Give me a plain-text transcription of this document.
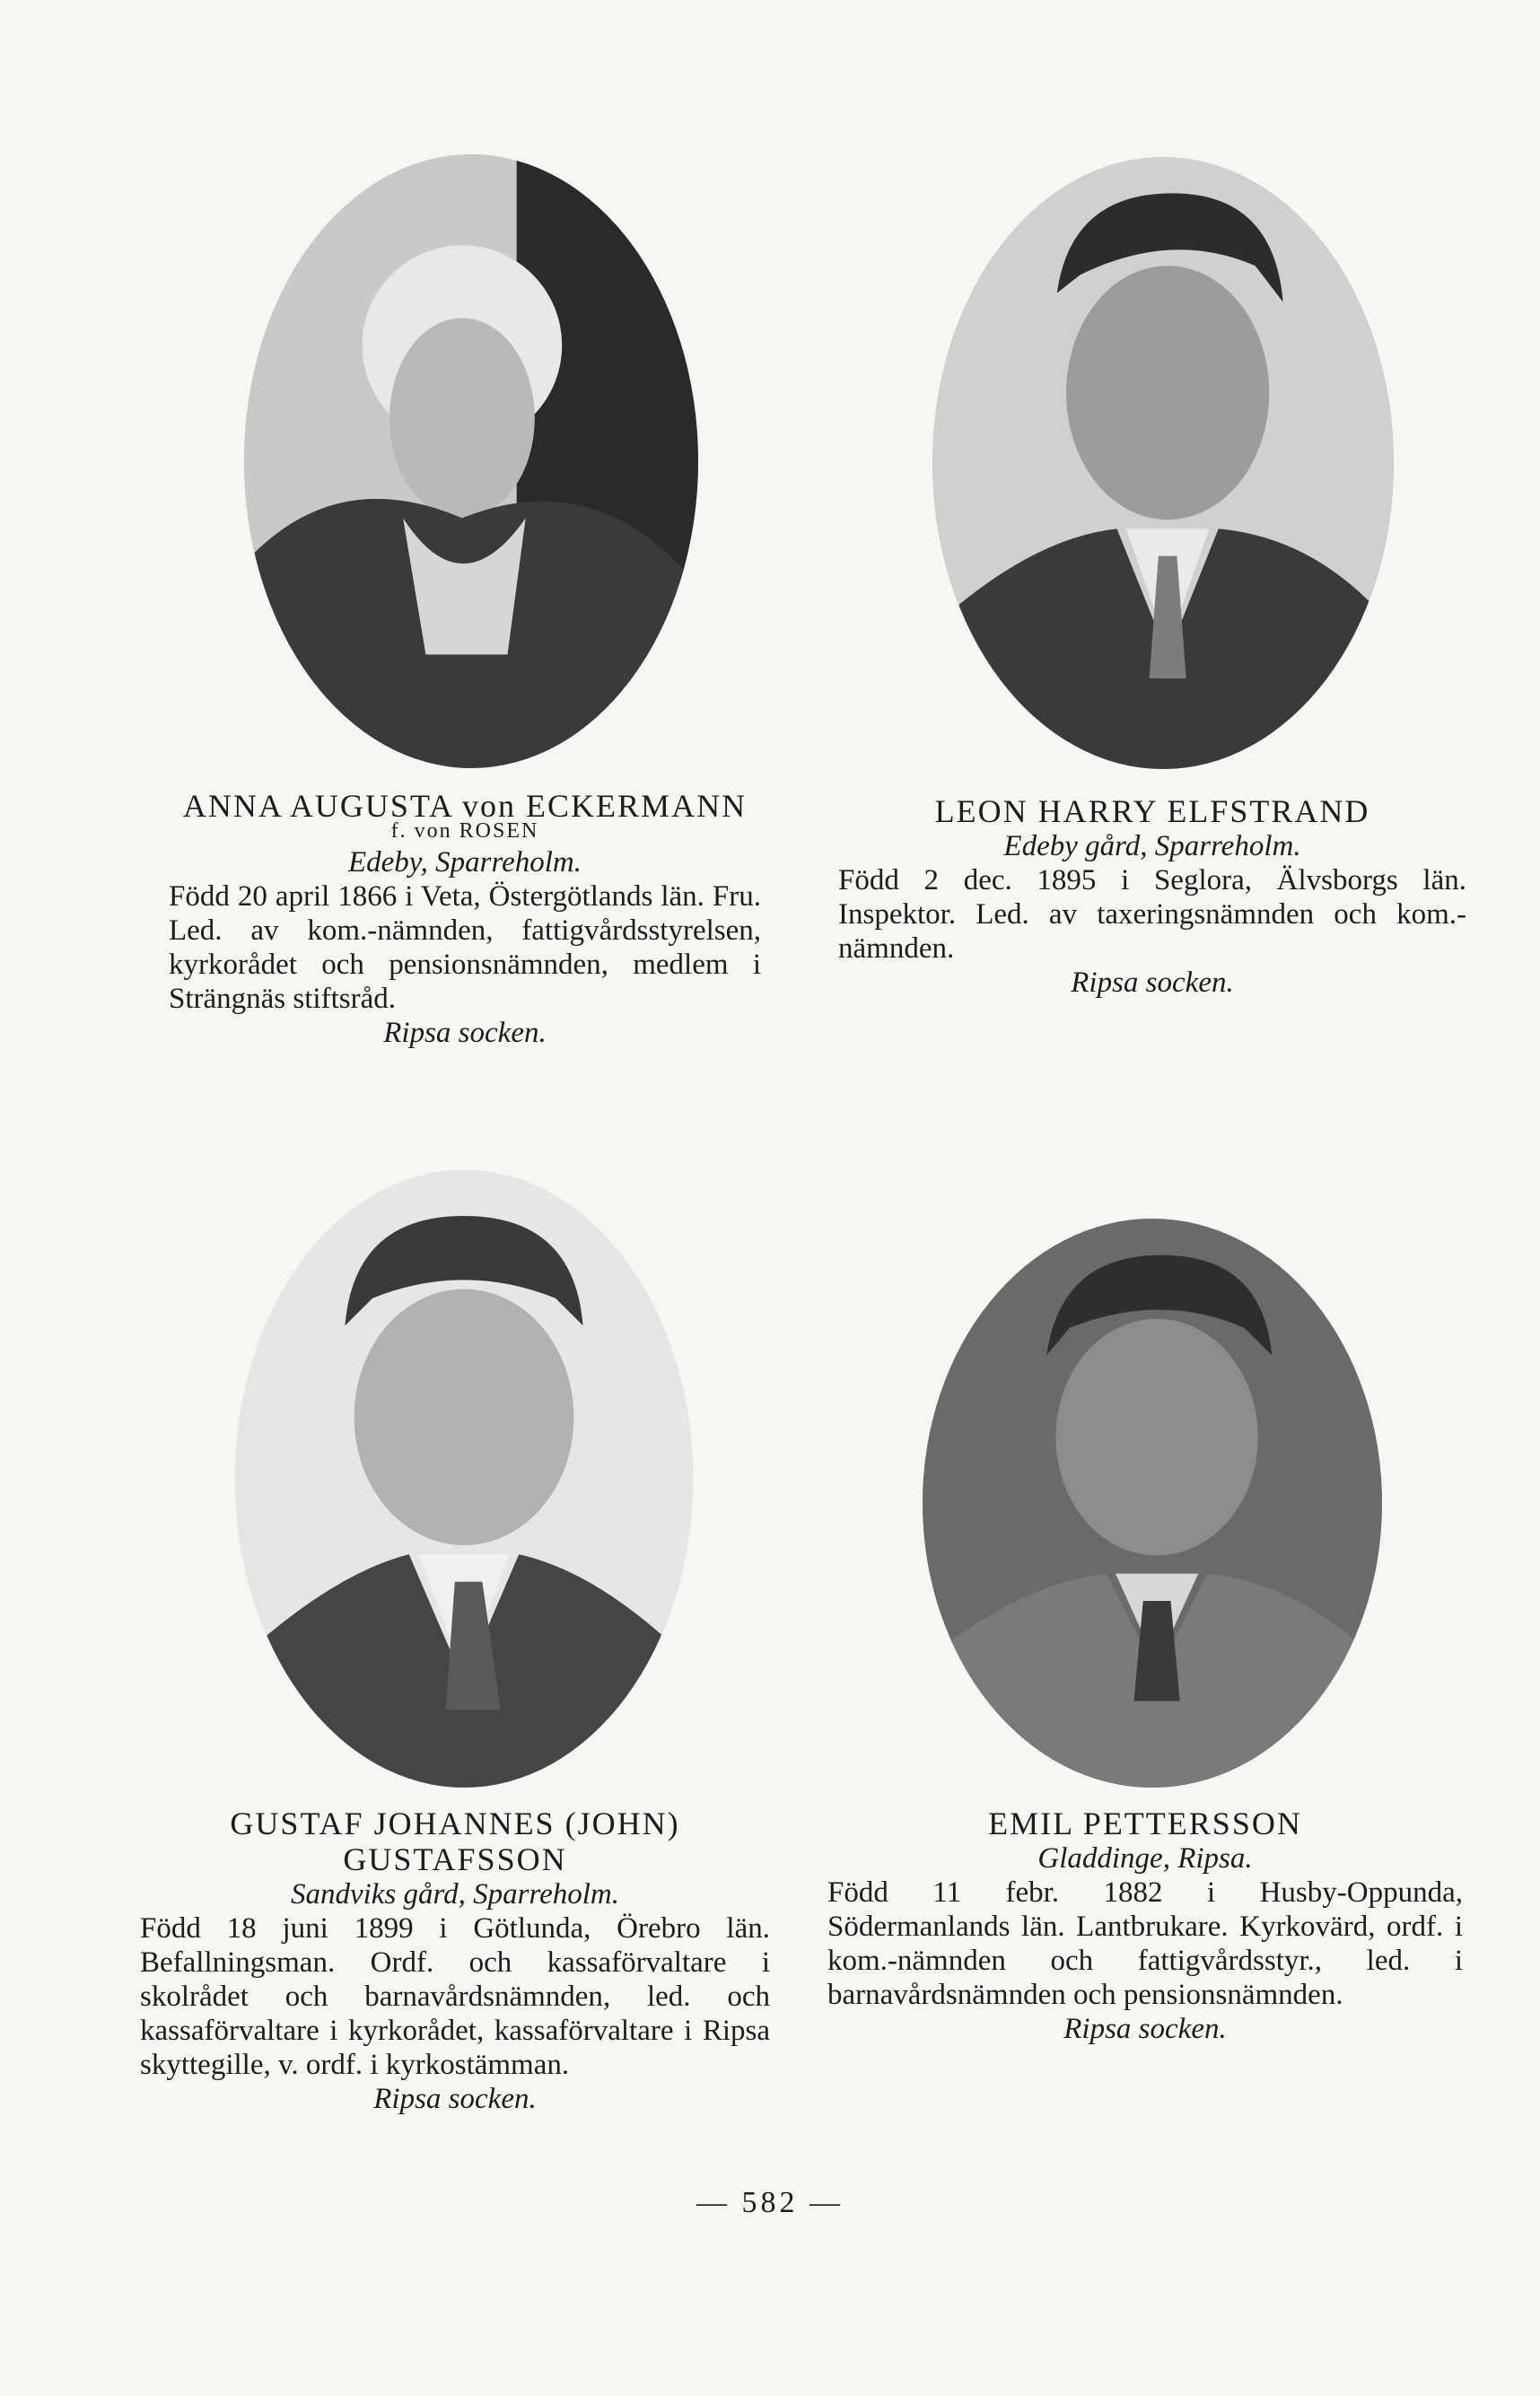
ANNA AUGUSTA von ECKERMANN

f. von ROSEN

Edeby, Sparreholm.

Född 20 april 1866 i Veta, Östergötlands län. Fru. Led. av kom.-nämnden, fattigvårdsstyrelsen, kyrkorådet och pensionsnämnden, medlem i Strängnäs stiftsråd.

Ripsa socken.

LEON HARRY ELFSTRAND

Edeby gård, Sparreholm.

Född 2 dec. 1895 i Seglora, Älvsborgs län. Inspektor. Led. av taxeringsnämnden och kom.-nämnden.

Ripsa socken.

GUSTAF JOHANNES (JOHN) GUSTAFSSON

Sandviks gård, Sparreholm.

Född 18 juni 1899 i Götlunda, Örebro län. Befallningsman. Ordf. och kassaförvaltare i skolrådet och barnavårdsnämnden, led. och kassaförvaltare i kyrkorådet, kassaförvaltare i Ripsa skyttegille, v. ordf. i kyrkostämman.

Ripsa socken.

EMIL PETTERSSON

Gladdinge, Ripsa.

Född 11 febr. 1882 i Husby-Oppunda, Södermanlands län. Lantbrukare. Kyrkovärd, ordf. i kom.-nämnden och fattigvårdsstyr., led. i barnavårdsnämnden och pensionsnämnden.

Ripsa socken.

— 582 —
